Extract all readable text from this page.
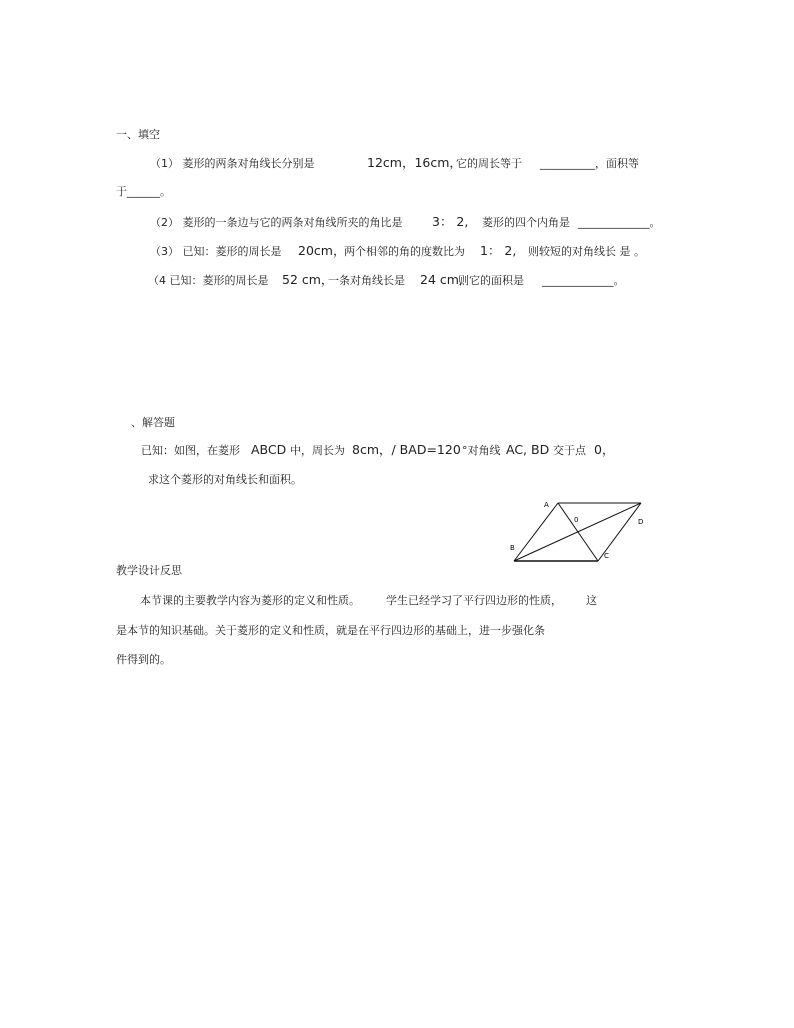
一、填空
（1） 菱形的两条对角线长分别是	12cm，16cm，
它的周长等于 __________，面积等
于______。
（2） 菱形的一条边与它的两条对角线所夹的角比是 3： 2, 菱形的四个内角是 _____________。
（3） 已知：菱形的周长是 20cm，
两个相邻的角的度数比为 1： 2, 则较短的对角线长 是 。
（4 已知：菱形的周长是 52 cm，
一条对角线长是 24 cm,
则它的面积是 _____________。
、解答题
已知：如图，在菱形 ABCD 中，周长为 8cm，/ BAD=120 °对角线 AC, BD 交于点 0，
求这个菱形的对角线长和面积。
A
0	D
B
C
教学设计反思
本节课的主要教学内容为菱形的定义和性质。 学生已经学习了平行四边形的性质， 这
是本节的知识基础。关于菱形的定义和性质，就是在平行四边形的基础上，进一步强化条
件得到的。
